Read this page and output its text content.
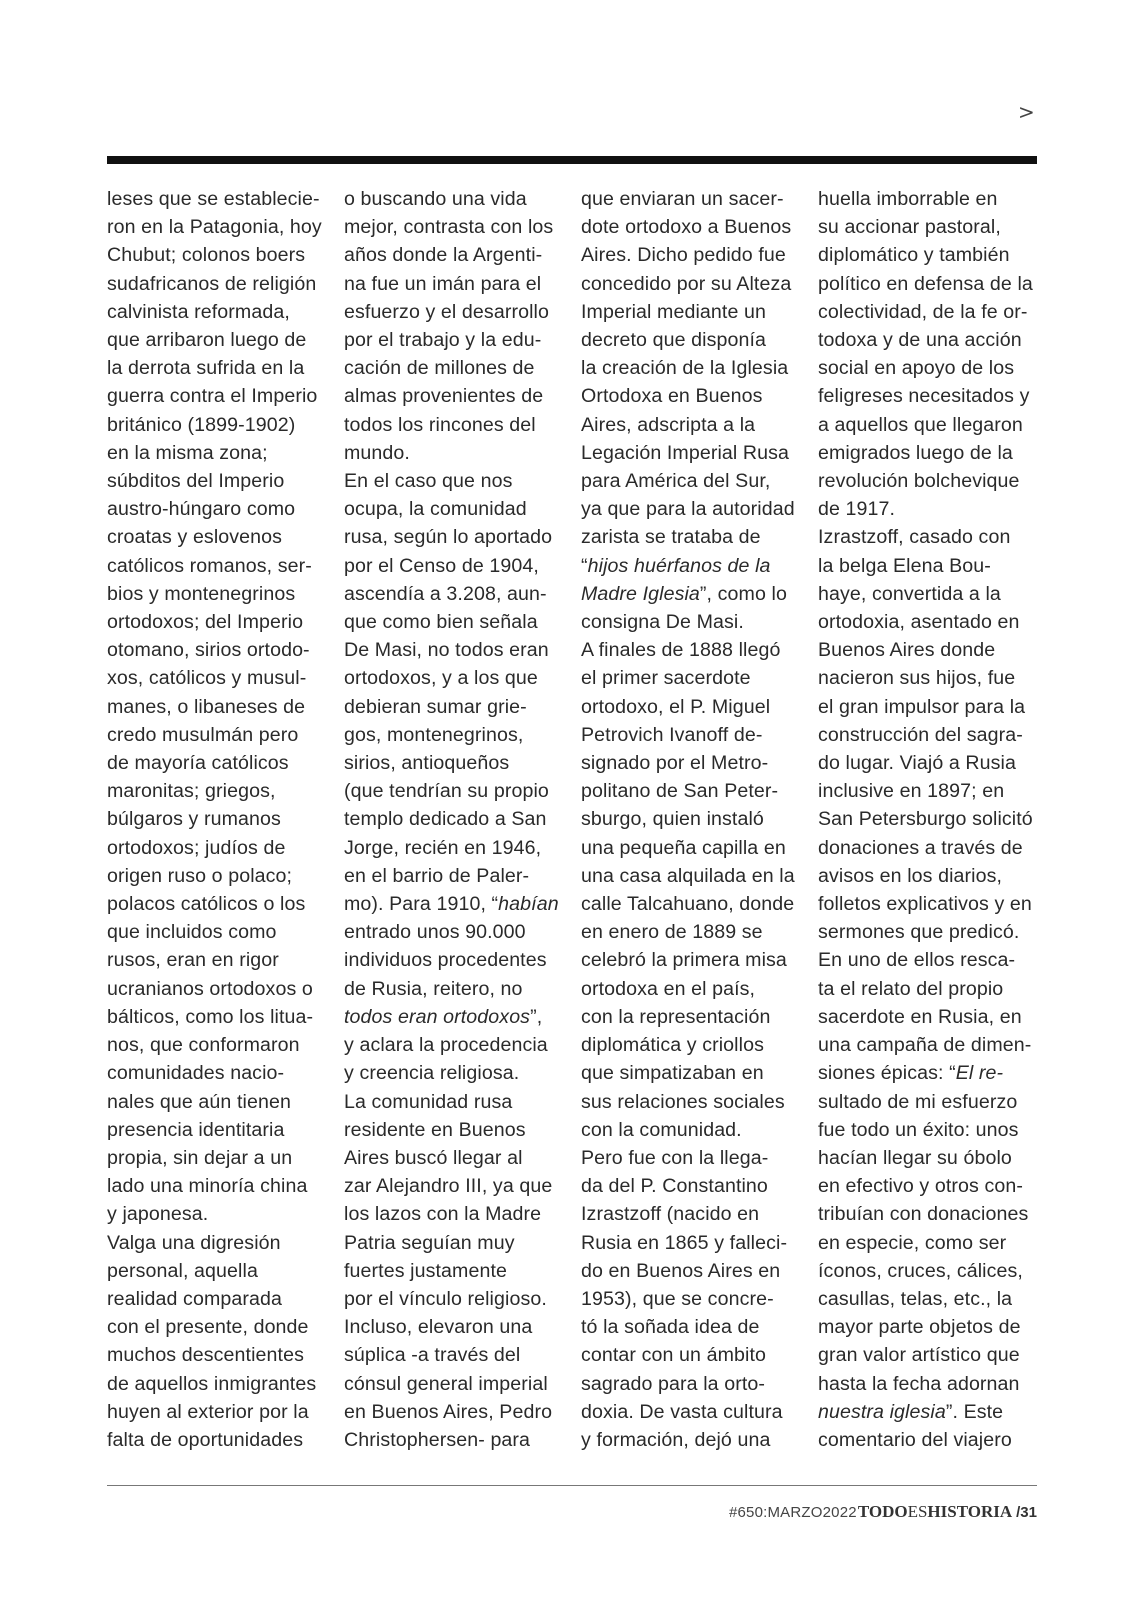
>
leses que se establecie-
ron en la Patagonia, hoy
Chubut; colonos boers
sudafricanos de religión
calvinista reformada,
que arribaron luego de
la derrota sufrida en la
guerra contra el Imperio
británico (1899-1902)
en la misma zona;
súbditos del Imperio
austro-húngaro como
croatas y eslovenos
católicos romanos, ser-
bios y montenegrinos
ortodoxos; del Imperio
otomano, sirios ortodo-
xos, católicos y musul-
manes, o libaneses de
credo musulmán pero
de mayoría católicos
maronitas; griegos,
búlgaros y rumanos
ortodoxos; judíos de
origen ruso o polaco;
polacos católicos o los
que incluidos como
rusos, eran en rigor
ucranianos ortodoxos o
bálticos, como los litua-
nos, que conformaron
comunidades nacio-
nales que aún tienen
presencia identitaria
propia, sin dejar a un
lado una minoría china
y japonesa.
Valga una digresión
personal, aquella
realidad comparada
con el presente, donde
muchos descentientes
de aquellos inmigrantes
huyen al exterior por la
falta de oportunidades
o buscando una vida
mejor, contrasta con los
años donde la Argenti-
na fue un imán para el
esfuerzo y el desarrollo
por el trabajo y la edu-
cación de millones de
almas provenientes de
todos los rincones del
mundo.
En el caso que nos
ocupa, la comunidad
rusa, según lo aportado
por el Censo de 1904,
ascendía a 3.208, aun-
que como bien señala
De Masi, no todos eran
ortodoxos, y a los que
debieran sumar grie-
gos, montenegrinos,
sirios, antioqueños
(que tendrían su propio
templo dedicado a San
Jorge, recién en 1946,
en el barrio de Paler-
mo). Para 1910, “habían
entrado unos 90.000
individuos procedentes
de Rusia, reitero, no
todos eran ortodoxos”,
y aclara la procedencia
y creencia religiosa.
La comunidad rusa
residente en Buenos
Aires buscó llegar al
zar Alejandro III, ya que
los lazos con la Madre
Patria seguían muy
fuertes justamente
por el vínculo religioso.
Incluso, elevaron una
súplica -a través del
cónsul general imperial
en Buenos Aires, Pedro
Christophersen- para
que enviaran un sacer-
dote ortodoxo a Buenos
Aires. Dicho pedido fue
concedido por su Alteza
Imperial mediante un
decreto que disponía
la creación de la Iglesia
Ortodoxa en Buenos
Aires, adscripta a la
Legación Imperial Rusa
para América del Sur,
ya que para la autoridad
zarista se trataba de
“hijos huérfanos de la
Madre Iglesia”, como lo
consigna De Masi.
A finales de 1888 llegó
el primer sacerdote
ortodoxo, el P. Miguel
Petrovich Ivanoff de-
signado por el Metro-
politano de San Peter-
sburgo, quien instaló
una pequeña capilla en
una casa alquilada en la
calle Talcahuano, donde
en enero de 1889 se
celebró la primera misa
ortodoxa en el país,
con la representación
diplomática y criollos
que simpatizaban en
sus relaciones sociales
con la comunidad.
Pero fue con la llega-
da del P. Constantino
Izrastzoff (nacido en
Rusia en 1865 y falleci-
do en Buenos Aires en
1953), que se concre-
tó la soñada idea de
contar con un ámbito
sagrado para la orto-
doxia. De vasta cultura
y formación, dejó una
huella imborrable en
su accionar pastoral,
diplomático y también
político en defensa de la
colectividad, de la fe or-
todoxa y de una acción
social en apoyo de los
feligreses necesitados y
a aquellos que llegaron
emigrados luego de la
revolución bolchevique
de 1917.
Izrastzoff, casado con
la belga Elena Bou-
haye, convertida a la
ortodoxia, asentado en
Buenos Aires donde
nacieron sus hijos, fue
el gran impulsor para la
construcción del sagra-
do lugar. Viajó a Rusia
inclusive en 1897; en
San Petersburgo solicitó
donaciones a través de
avisos en los diarios,
folletos explicativos y en
sermones que predicó.
En uno de ellos resca-
ta el relato del propio
sacerdote en Rusia, en
una campaña de dimen-
siones épicas: “El re-
sultado de mi esfuerzo
fue todo un éxito: unos
hacían llegar su óbolo
en efectivo y otros con-
tribuían con donaciones
en especie, como ser
íconos, cruces, cálices,
casullas, telas, etc., la
mayor parte objetos de
gran valor artístico que
hasta la fecha adornan
nuestra iglesia”. Este
comentario del viajero
#650:MARZO2022 TODOESHISTORIA /31
